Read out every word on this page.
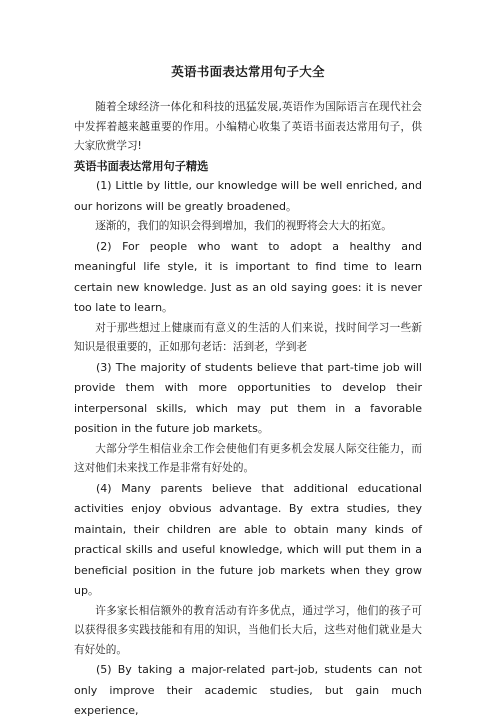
英语书面表达常用句子大全

随着全球经济一体化和科技的迅猛发展,英语作为国际语言在现代社会中发挥着越来越重要的作用。小编精心收集了英语书面表达常用句子，供大家欣赏学习!

英语书面表达常用句子精选

(1) Little by little, our knowledge will be well enriched, and our horizons will be greatly broadened。

逐渐的，我们的知识会得到增加，我们的视野将会大大的拓宽。

(2) For people who want to adopt a healthy and meaningful life style, it is important to find time to learn certain new knowledge. Just as an old saying goes: it is never too late to learn。

对于那些想过上健康而有意义的生活的人们来说，找时间学习一些新知识是很重要的，正如那句老话：活到老，学到老

(3) The majority of students believe that part-time job will provide them with more opportunities to develop their interpersonal skills, which may put them in a favorable position in the future job markets。

大部分学生相信业余工作会使他们有更多机会发展人际交往能力，而这对他们未来找工作是非常有好处的。

(4) Many parents believe that additional educational activities enjoy obvious advantage. By extra studies, they maintain, their children are able to obtain many kinds of practical skills and useful knowledge, which will put them in a beneficial position in the future job markets when they grow up。

许多家长相信额外的教育活动有许多优点，通过学习，他们的孩子可以获得很多实践技能和有用的知识，当他们长大后，这些对他们就业是大有好处的。

(5) By taking a major-related part-job, students can not only improve their academic studies, but gain much experience,
